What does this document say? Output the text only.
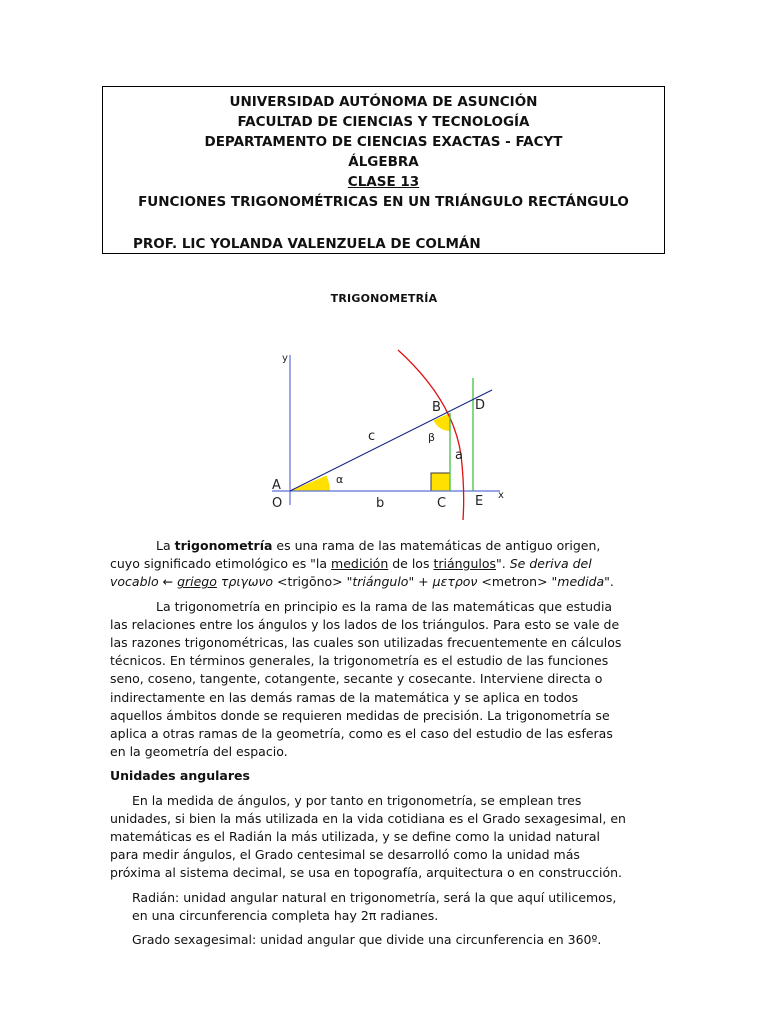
UNIVERSIDAD AUTÓNOMA DE ASUNCIÓN
FACULTAD DE CIENCIAS Y TECNOLOGÍA
DEPARTAMENTO DE CIENCIAS EXACTAS - FACYT
ÁLGEBRA
CLASE 13
FUNCIONES TRIGONOMÉTRICAS EN UN TRIÁNGULO RECTÁNGULO
PROF. LIC YOLANDA VALENZUELA DE COLMÁN
TRIGONOMETRÍA
y
x
A
O
B	D
C E
a
b
c
α
β

La trigonometría es una rama de las matemáticas de antiguo origen, cuyo significado etimológico es "la medición de los triángulos". Se deriva del vocablo ← griego τριγωνο <trigōno> "triángulo" + μετρον <metron> "medida".

La trigonometría en principio es la rama de las matemáticas que estudia las relaciones entre los ángulos y los lados de los triángulos. Para esto se vale de las razones trigonométricas, las cuales son utilizadas frecuentemente en cálculos técnicos. En términos generales, la trigonometría es el estudio de las funciones seno, coseno, tangente, cotangente, secante y cosecante. Interviene directa o indirectamente en las demás ramas de la matemática y se aplica en todos aquellos ámbitos donde se requieren medidas de precisión. La trigonometría se aplica a otras ramas de la geometría, como es el caso del estudio de las esferas en la geometría del espacio.

Unidades angulares

En la medida de ángulos, y por tanto en trigonometría, se emplean tres unidades, si bien la más utilizada en la vida cotidiana es el Grado sexagesimal, en matemáticas es el Radián la más utilizada, y se define como la unidad natural para medir ángulos, el Grado centesimal se desarrolló como la unidad más próxima al sistema decimal, se usa en topografía, arquitectura o en construcción.

Radián: unidad angular natural en trigonometría, será la que aquí utilicemos, en una circunferencia completa hay 2π radianes.

Grado sexagesimal: unidad angular que divide una circunferencia en 360º.
